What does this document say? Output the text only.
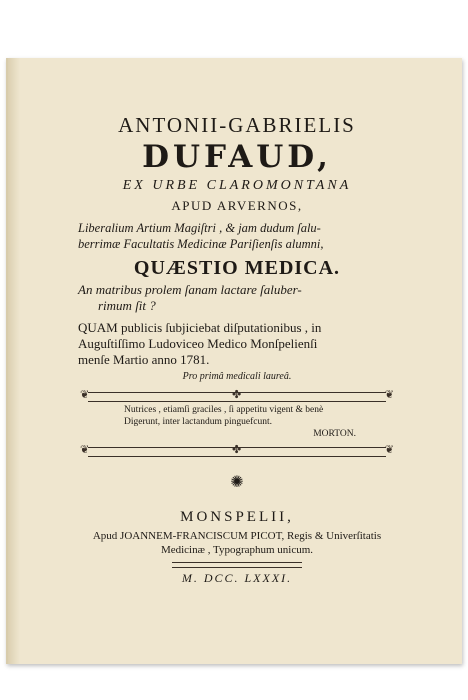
ANTONII-GABRIELIS

DUFAUD,

EX URBE CLAROMONTANA

APUD ARVERNOS,

Liberalium Artium Magiſtri , & jam dudum ſalu-

berrimæ Facultatis Medicinæ Pariſienſis alumni,

QUÆSTIO MEDICA.

An matribus prolem ſanam lactare ſaluber-

rimum ſit ?

QUAM publicis ſubjiciebat diſputationibus , in

Auguſtiſſimo Ludoviceo Medico Monſpelienſi

menſe Martio anno 1781.

Pro primâ medicali laureâ.

❦	✤	❦

Nutrices , etiamſi graciles , ſi appetitu vigent & benè

Digerunt, inter lactandum pinguefcunt.

MORTON.

❦	✤	❦

✺

MONSPELII,

Apud JOANNEM-FRANCISCUM PICOT, Regis & Univerſitatis

Medicinæ , Typographum unicum.

M. DCC. LXXXI.
